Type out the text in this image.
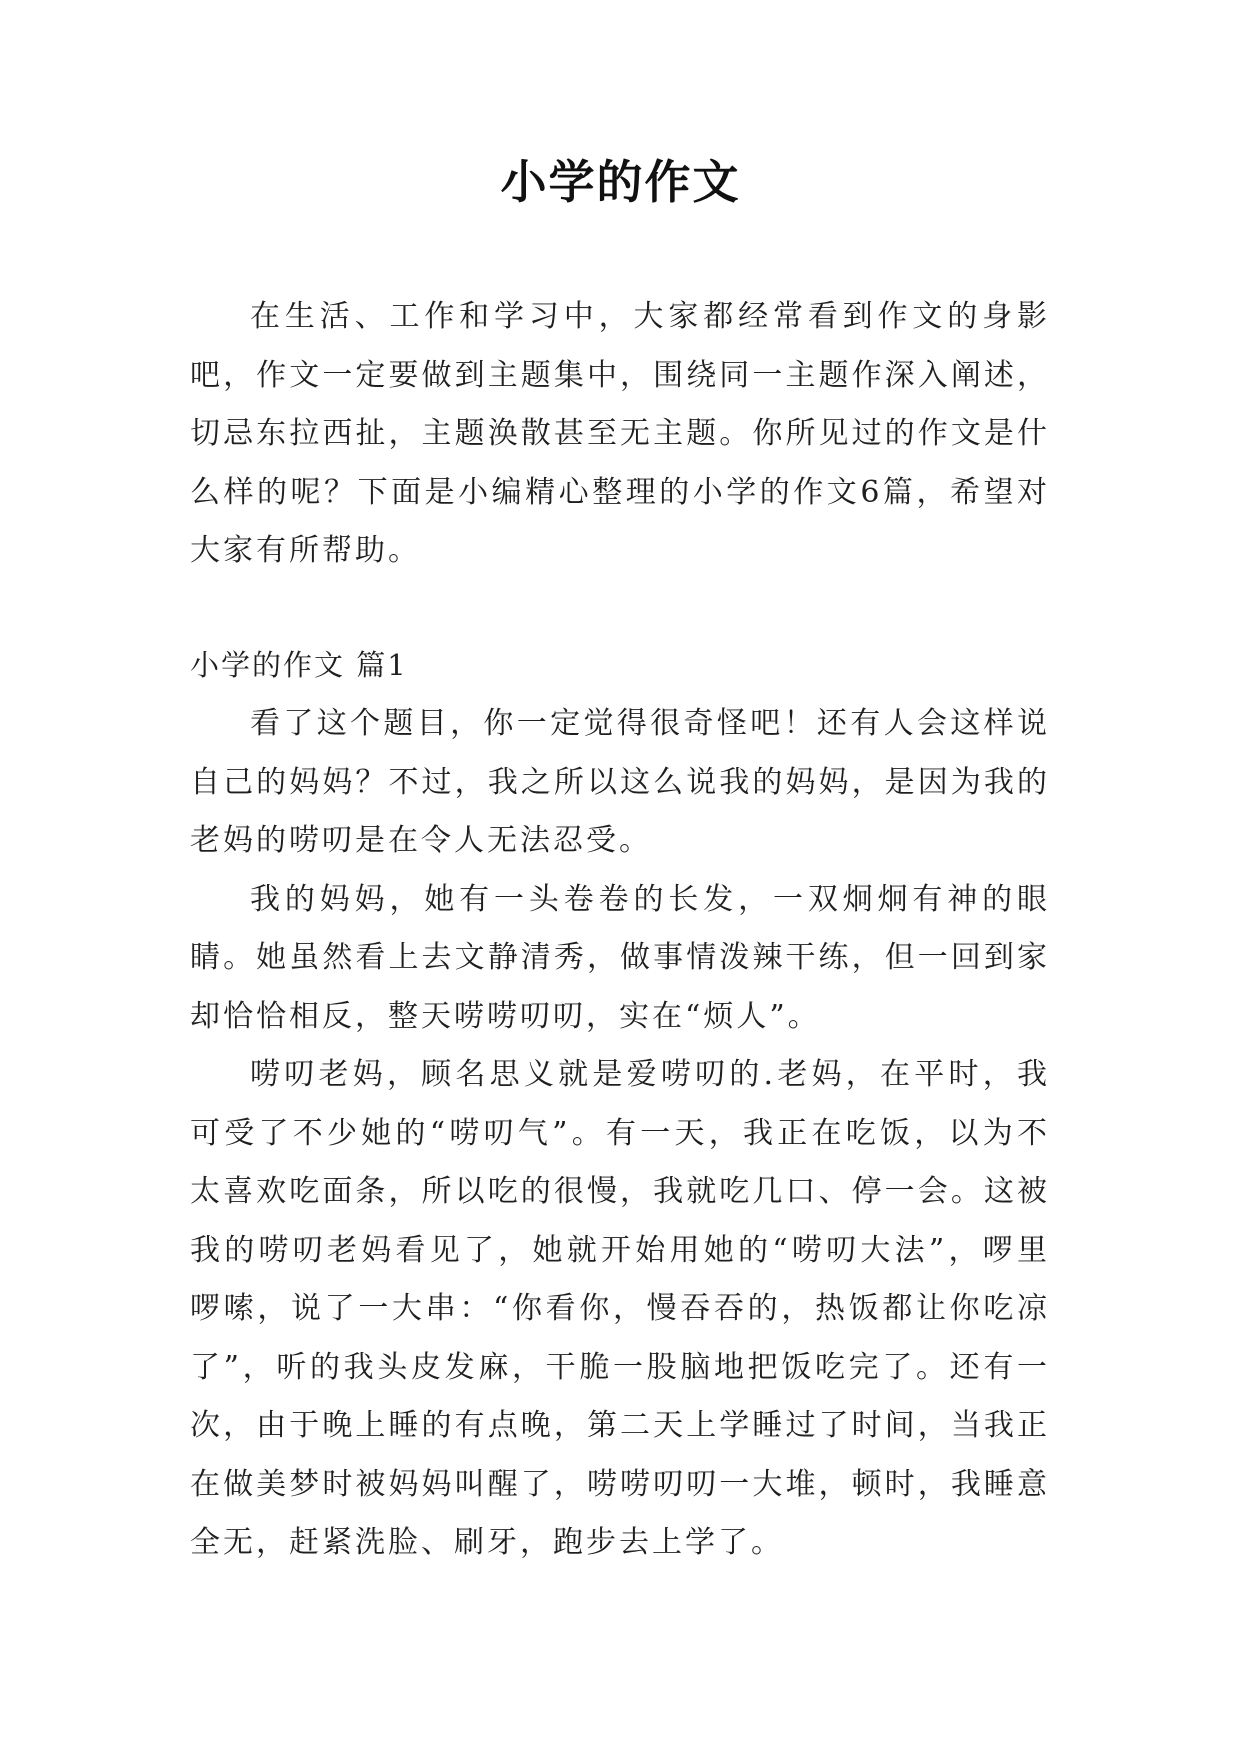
小学的作文

在生活、工作和学习中，大家都经常看到作文的身影吧，作文一定要做到主题集中，围绕同一主题作深入阐述，切忌东拉西扯，主题涣散甚至无主题。你所见过的作文是什么样的呢？下面是小编精心整理的小学的作文6篇，希望对大家有所帮助。

小学的作文 篇1

看了这个题目，你一定觉得很奇怪吧！还有人会这样说自己的妈妈？不过，我之所以这么说我的妈妈，是因为我的老妈的唠叨是在令人无法忍受。

我的妈妈，她有一头卷卷的长发，一双炯炯有神的眼睛。她虽然看上去文静清秀，做事情泼辣干练，但一回到家却恰恰相反，整天唠唠叨叨，实在“烦人”。

唠叨老妈，顾名思义就是爱唠叨的.老妈，在平时，我可受了不少她的“唠叨气”。有一天，我正在吃饭，以为不太喜欢吃面条，所以吃的很慢，我就吃几口、停一会。这被我的唠叨老妈看见了，她就开始用她的“唠叨大法”，啰里啰嗦，说了一大串：“你看你，慢吞吞的，热饭都让你吃凉了”，听的我头皮发麻，干脆一股脑地把饭吃完了。还有一次，由于晚上睡的有点晚，第二天上学睡过了时间，当我正在做美梦时被妈妈叫醒了，唠唠叨叨一大堆，顿时，我睡意全无，赶紧洗脸、刷牙，跑步去上学了。
